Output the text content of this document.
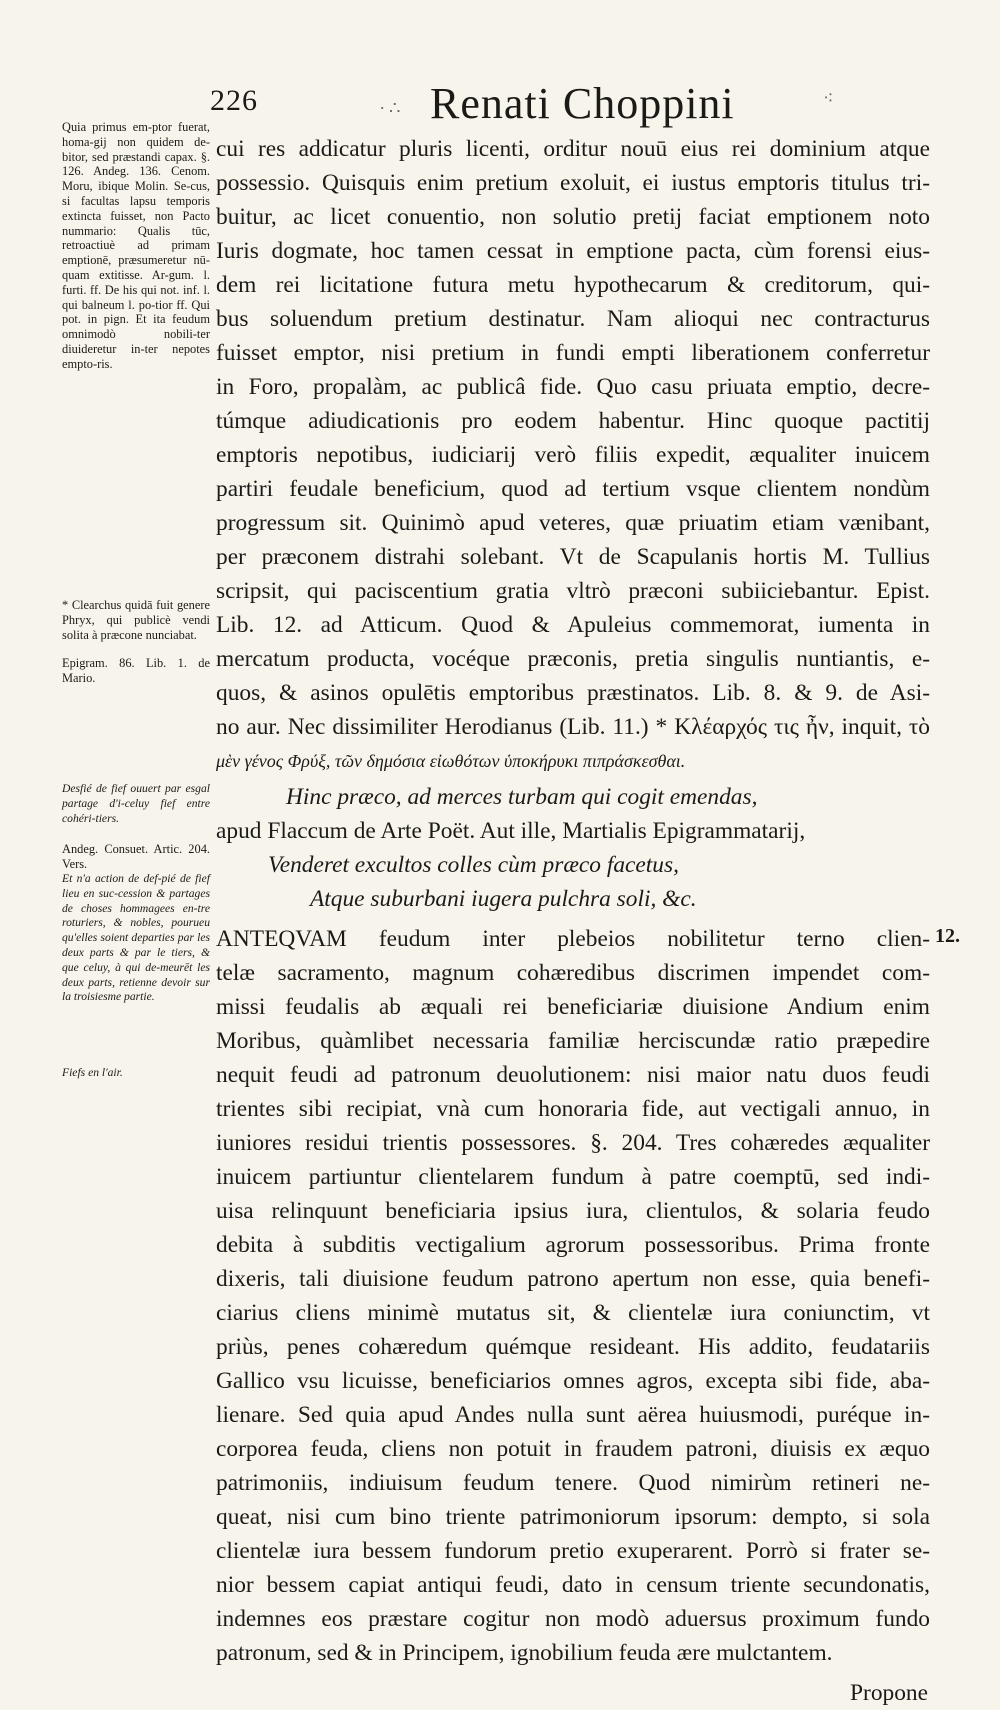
226	∙ ∴ Renati Choppini	⁖
Quia primus em-ptor fuerat, homa-gij non quidem de-bitor, sed præstandi capax. §. 126. Andeg. 136. Cenom. Moru, ibique Molin. Se-cus, si facultas lapsu temporis extincta fuisset, non Pacto nummario: Qualis tūc, retroactiuè ad primam emptionē, præsumeretur nū-quam extitisse. Ar-gum. l. furti. ff. De his qui not. inf. l. qui balneum l. po-tior ff. Qui pot. in pign. Et ita feudum omnimodò nobili-ter diuideretur in-ter nepotes empto-ris.
* Clearchus quidā fuit genere Phryx, qui publicè vendi solita à præcone nunciabat.
Epigram. 86. Lib. 1. de Mario.
Desfié de fief ouuert par esgal partage d'i-celuy fief entre cohéri-tiers.
Andeg. Consuet. Artic. 204. Vers.
Et n'a action de def-pié de fief lieu en suc-cession & partages de choses hommagees en-tre roturiers, & nobles, pourueu qu'elles soient departies par les deux parts & par le tiers, & que celuy, à qui de-meurēt les deux parts, retienne devoir sur la troisiesme partie.
Fiefs en l'air.
cui res addicatur pluris licenti, orditur nouū eius rei dominium atque
possessio. Quisquis enim pretium exoluit, ei iustus emptoris titulus tri-
buitur, ac licet conuentio, non solutio pretij faciat emptionem noto
Iuris dogmate, hoc tamen cessat in emptione pacta, cùm forensi eius-
dem rei licitatione futura metu hypothecarum & creditorum, qui-
bus soluendum pretium destinatur. Nam alioqui nec contracturus
fuisset emptor, nisi pretium in fundi empti liberationem conferretur
in Foro, propalàm, ac publicâ fide. Quo casu priuata emptio, decre-
túmque adiudicationis pro eodem habentur. Hinc quoque pactitij
emptoris nepotibus, iudiciarij verò filiis expedit, æqualiter inuicem
partiri feudale beneficium, quod ad tertium vsque clientem nondùm
progressum sit. Quinimò apud veteres, quæ priuatim etiam vænibant,
per præconem distrahi solebant. Vt de Scapulanis hortis M. Tullius
scripsit, qui paciscentium gratia vltrò præconi subiiciebantur. Epist.
Lib. 12. ad Atticum. Quod & Apuleius commemorat, iumenta in
mercatum producta, vocéque præconis, pretia singulis nuntiantis, e-
quos, & asinos opulētis emptoribus præstinatos. Lib. 8. & 9. de Asi-
no aur. Nec dissimiliter Herodianus (Lib. 11.) * Κλέαρχός τις ἦν, inquit, τὸ
μὲν γένος Φρύξ, τῶν δημόσια εἰωθότων ὑποκήρυκι πιπράσκεσθαι.
Hinc præco, ad merces turbam qui cogit emendas,
apud Flaccum de Arte Poët. Aut ille, Martialis Epigrammatarij,
Venderet excultos colles cùm præco facetus,
Atque suburbani iugera pulchra soli, &c.
ANTEQVAM feudum inter plebeios nobilitetur terno clien-
telæ sacramento, magnum cohæredibus discrimen impendet com-
missi feudalis ab æquali rei beneficiariæ diuisione Andium enim
Moribus, quàmlibet necessaria familiæ herciscundæ ratio præpedire
nequit feudi ad patronum deuolutionem: nisi maior natu duos feudi
trientes sibi recipiat, vnà cum honoraria fide, aut vectigali annuo, in
iuniores residui trientis possessores. §. 204. Tres cohæredes æqualiter
inuicem partiuntur clientelarem fundum à patre coemptū, sed indi-
uisa relinquunt beneficiaria ipsius iura, clientulos, & solaria feudo
debita à subditis vectigalium agrorum possessoribus. Prima fronte
dixeris, tali diuisione feudum patrono apertum non esse, quia benefi-
ciarius cliens minimè mutatus sit, & clientelæ iura coniunctim, vt
priùs, penes cohæredum quémque resideant. His addito, feudatariis
Gallico vsu licuisse, beneficiarios omnes agros, excepta sibi fide, aba-
lienare. Sed quia apud Andes nulla sunt aërea huiusmodi, puréque in-
corporea feuda, cliens non potuit in fraudem patroni, diuisis ex æquo
patrimoniis, indiuisum feudum tenere. Quod nimirùm retineri ne-
queat, nisi cum bino triente patrimoniorum ipsorum: dempto, si sola
clientelæ iura bessem fundorum pretio exuperarent. Porrò si frater se-
nior bessem capiat antiqui feudi, dato in censum triente secundonatis,
indemnes eos præstare cogitur non modò aduersus proximum fundo
patronum, sed & in Principem, ignobilium feuda ære mulctantem.
12.
Propone
